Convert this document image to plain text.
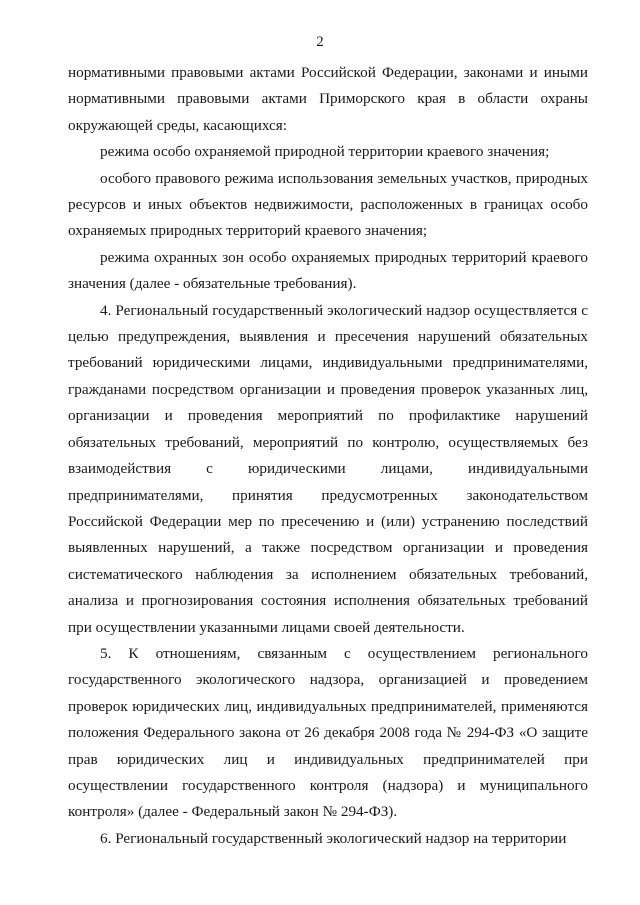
2

нормативными правовыми актами Российской Федерации, законами и иными нормативными правовыми актами Приморского края в области охраны окружающей среды, касающихся:

режима особо охраняемой природной территории краевого значения;

особого правового режима использования земельных участков, природных ресурсов и иных объектов недвижимости, расположенных в границах особо охраняемых природных территорий краевого значения;

режима охранных зон особо охраняемых природных территорий краевого значения (далее - обязательные требования).

4. Региональный государственный экологический надзор осуществляется с целью предупреждения, выявления и пресечения нарушений обязательных требований юридическими лицами, индивидуальными предпринимателями, гражданами посредством организации и проведения проверок указанных лиц, организации и проведения мероприятий по профилактике нарушений обязательных требований, мероприятий по контролю, осуществляемых без взаимодействия с юридическими лицами, индивидуальными предпринимателями, принятия предусмотренных законодательством Российской Федерации мер по пресечению и (или) устранению последствий выявленных нарушений, а также посредством организации и проведения систематического наблюдения за исполнением обязательных требований, анализа и прогнозирования состояния исполнения обязательных требований при осуществлении указанными лицами своей деятельности.

5. К отношениям, связанным с осуществлением регионального государственного экологического надзора, организацией и проведением проверок юридических лиц, индивидуальных предпринимателей, применяются положения Федерального закона от 26 декабря 2008 года № 294-ФЗ «О защите прав юридических лиц и индивидуальных предпринимателей при осуществлении государственного контроля (надзора) и муниципального контроля» (далее - Федеральный закон № 294-ФЗ).

6. Региональный государственный экологический надзор на территории
